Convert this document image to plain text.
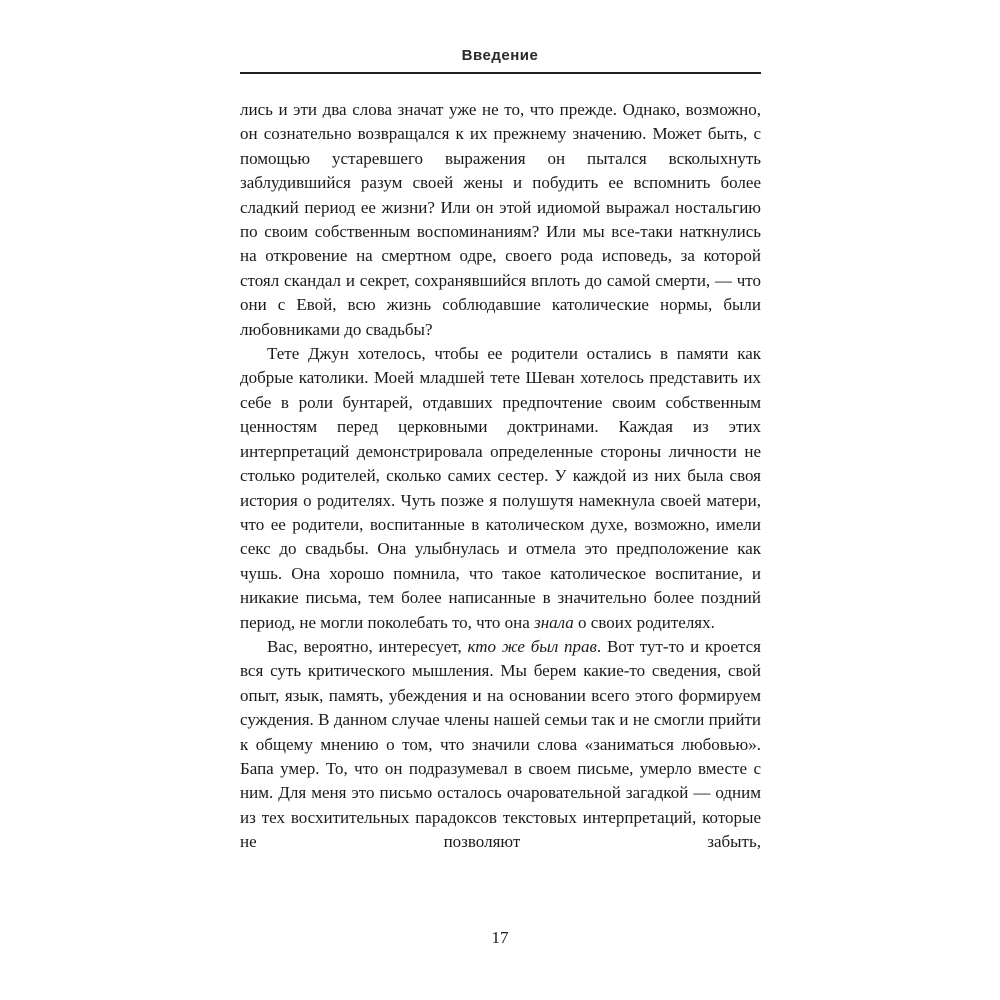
Введение

лись и эти два слова значат уже не то, что прежде. Однако, возможно, он сознательно возвращался к их прежнему значению. Может быть, с помощью устаревшего выражения он пытался всколыхнуть заблудившийся разум своей жены и побудить ее вспомнить более сладкий период ее жизни? Или он этой идиомой выражал ностальгию по своим собственным воспоминаниям? Или мы все-таки наткнулись на откровение на смертном одре, своего рода исповедь, за которой стоял скандал и секрет, сохранявшийся вплоть до самой смерти, — что они с Евой, всю жизнь соблюдавшие католические нормы, были любовниками до свадьбы?

Тете Джун хотелось, чтобы ее родители остались в памяти как добрые католики. Моей младшей тете Шеван хотелось представить их себе в роли бунтарей, отдавших предпочтение своим собственным ценностям перед церковными доктринами. Каждая из этих интерпретаций демонстрировала определенные стороны личности не столько родителей, сколько самих сестер. У каждой из них была своя история о родителях. Чуть позже я полушутя намекнула своей матери, что ее родители, воспитанные в католическом духе, возможно, имели секс до свадьбы. Она улыбнулась и отмела это предположение как чушь. Она хорошо помнила, что такое католическое воспитание, и никакие письма, тем более написанные в значительно более поздний период, не могли поколебать то, что она знала о своих родителях.

Вас, вероятно, интересует, кто же был прав. Вот тут-то и кроется вся суть критического мышления. Мы берем какие-то сведения, свой опыт, язык, память, убеждения и на основании всего этого формируем суждения. В данном случае члены нашей семьи так и не смогли прийти к общему мнению о том, что значили слова «заниматься любовью». Бапа умер. То, что он подразумевал в своем письме, умерло вместе с ним. Для меня это письмо осталось очаровательной загадкой — одним из тех восхитительных парадоксов текстовых интерпретаций, которые не позволяют забыть,

17
